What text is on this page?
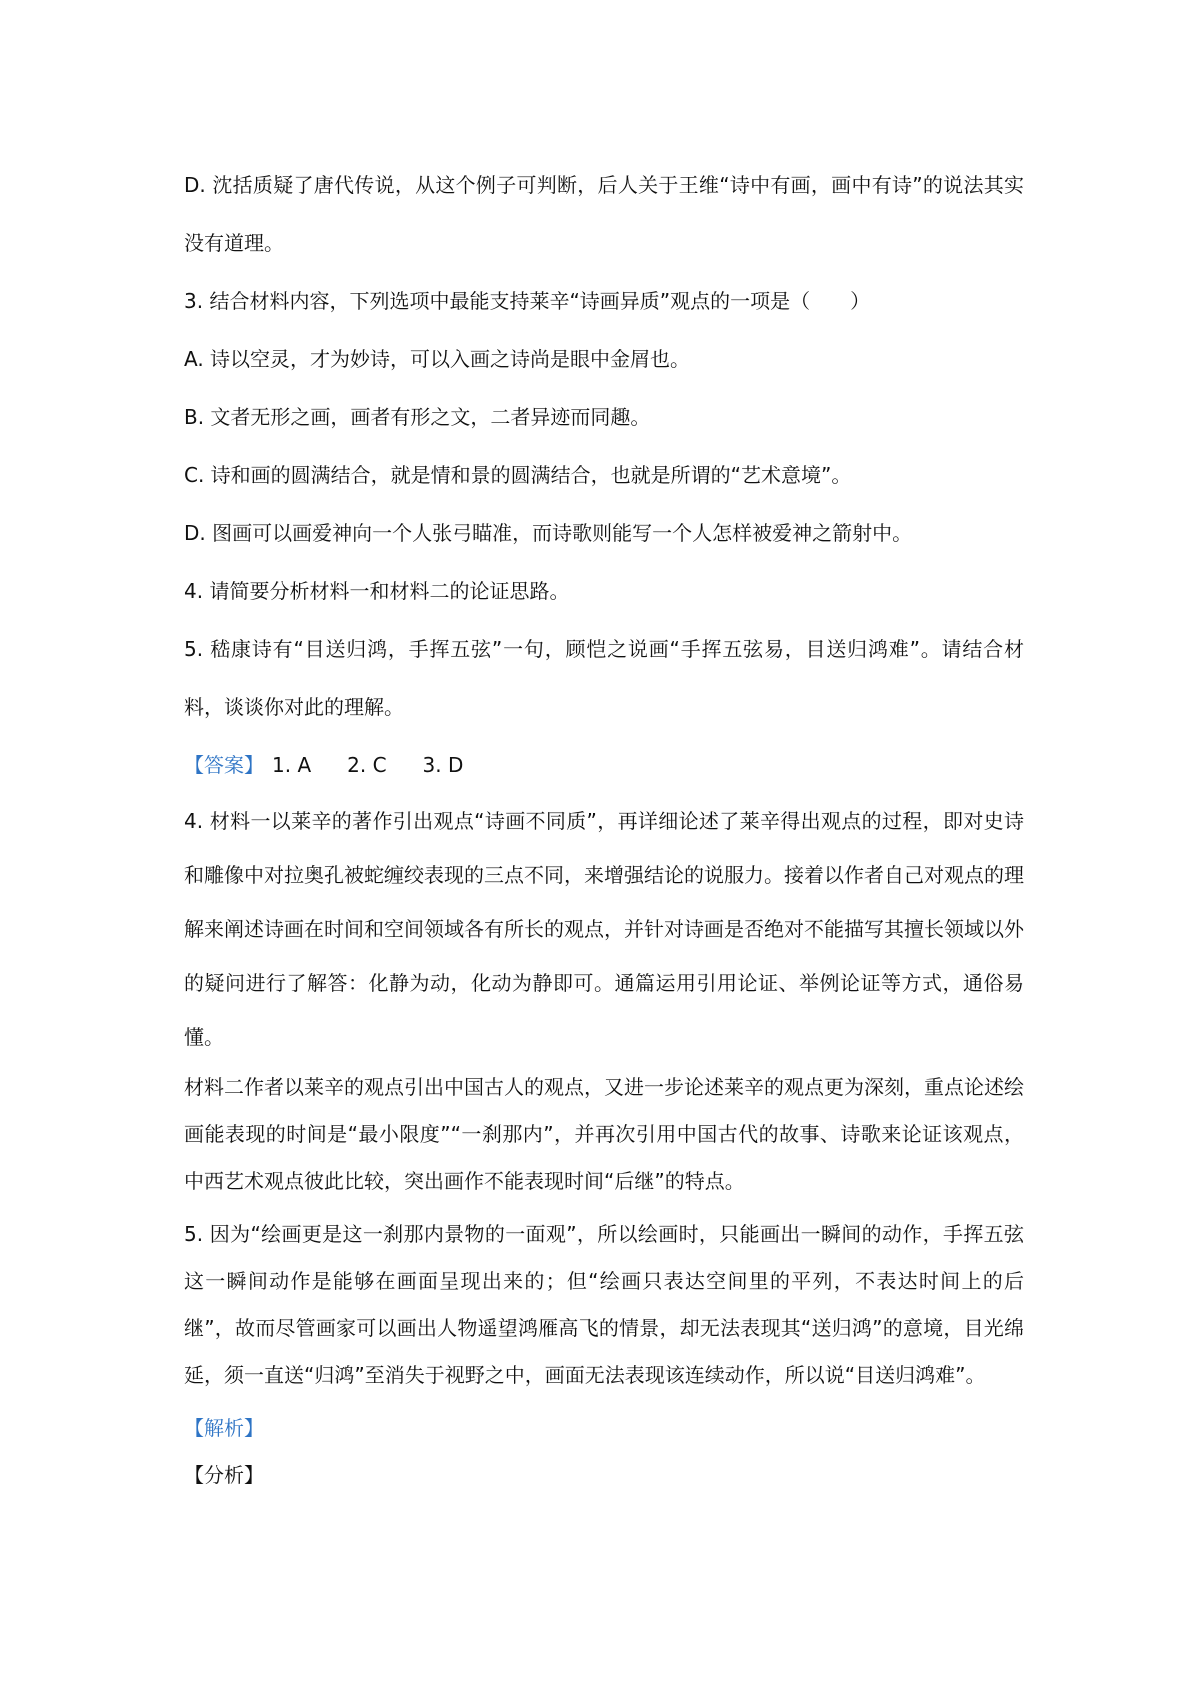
D. 沈括质疑了唐代传说，从这个例子可判断，后人关于王维“诗中有画，画中有诗”的说法其实没有道理。

3. 结合材料内容，下列选项中最能支持莱辛“诗画异质”观点的一项是（　　）

A. 诗以空灵，才为妙诗，可以入画之诗尚是眼中金屑也。

B. 文者无形之画，画者有形之文，二者异迹而同趣。

C. 诗和画的圆满结合，就是情和景的圆满结合，也就是所谓的“艺术意境”。

D. 图画可以画爱神向一个人张弓瞄准，而诗歌则能写一个人怎样被爱神之箭射中。

4. 请简要分析材料一和材料二的论证思路。

5. 嵇康诗有“目送归鸿，手挥五弦”一句，顾恺之说画“手挥五弦易，目送归鸿难”。请结合材料，谈谈你对此的理解。

【答案】 1. A 2. C 3. D

4. 材料一以莱辛的著作引出观点“诗画不同质”，再详细论述了莱辛得出观点的过程，即对史诗和雕像中对拉奥孔被蛇缠绞表现的三点不同，来增强结论的说服力。接着以作者自己对观点的理解来阐述诗画在时间和空间领域各有所长的观点，并针对诗画是否绝对不能描写其擅长领域以外的疑问进行了解答：化静为动，化动为静即可。通篇运用引用论证、举例论证等方式，通俗易懂。

材料二作者以莱辛的观点引出中国古人的观点，又进一步论述莱辛的观点更为深刻，重点论述绘画能表现的时间是“最小限度”“一刹那内”，并再次引用中国古代的故事、诗歌来论证该观点，中西艺术观点彼此比较，突出画作不能表现时间“后继”的特点。

5. 因为“绘画更是这一刹那内景物的一面观”，所以绘画时，只能画出一瞬间的动作，手挥五弦这一瞬间动作是能够在画面呈现出来的；但“绘画只表达空间里的平列，不表达时间上的后继”，故而尽管画家可以画出人物遥望鸿雁高飞的情景，却无法表现其“送归鸿”的意境，目光绵延，须一直送“归鸿”至消失于视野之中，画面无法表现该连续动作，所以说“目送归鸿难”。

【解析】

【分析】
